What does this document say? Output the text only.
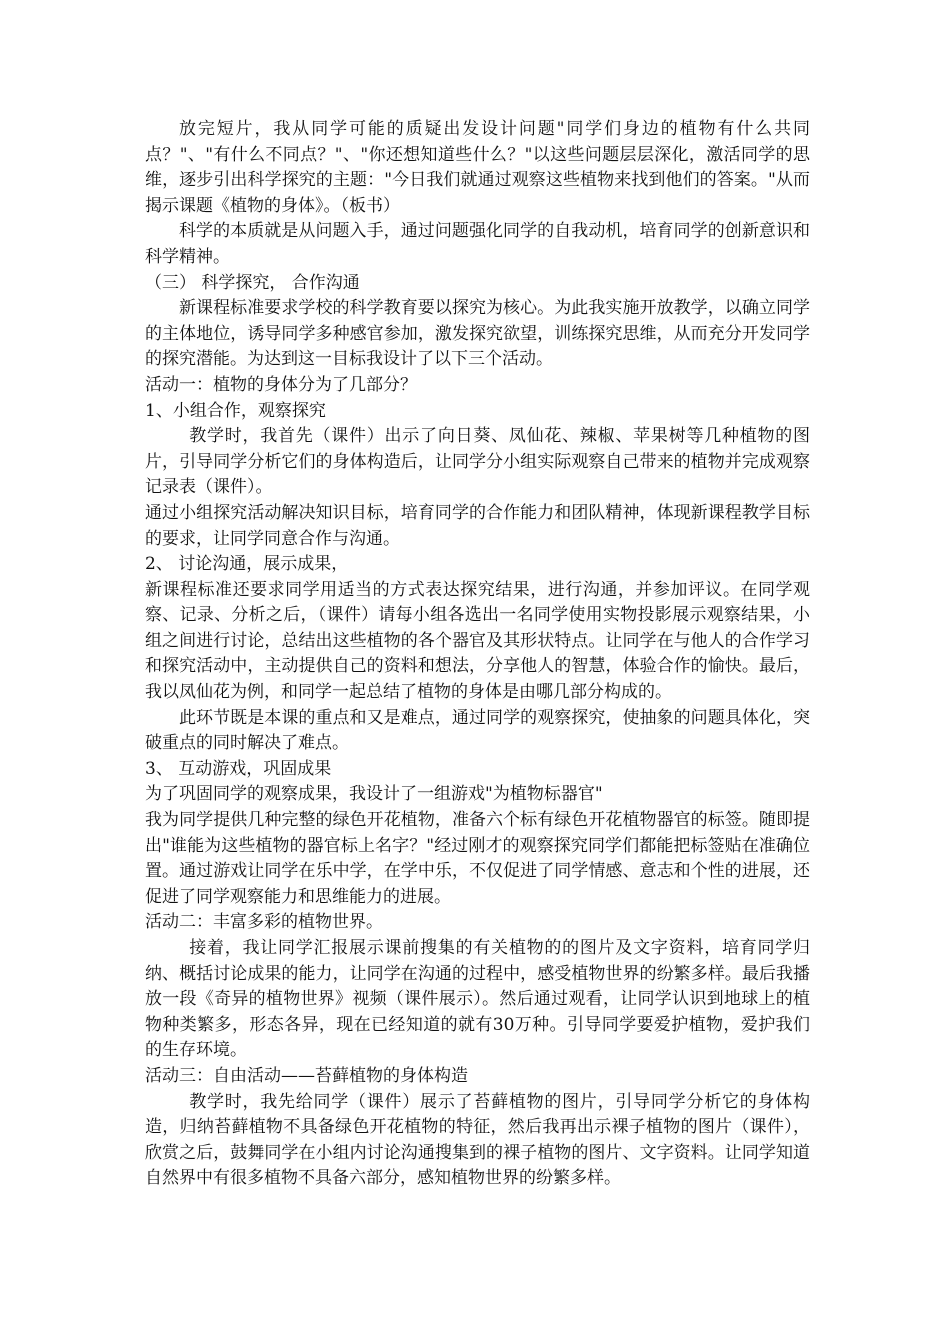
放完短片，我从同学可能的质疑出发设计问题"同学们身边的植物有什么共同点？"、"有什么不同点？"、"你还想知道些什么？"以这些问题层层深化，激活同学的思维，逐步引出科学探究的主题："今日我们就通过观察这些植物来找到他们的答案。"从而揭示课题《植物的身体》。（板书）

科学的本质就是从问题入手，通过问题强化同学的自我动机，培育同学的创新意识和科学精神。

（三） 科学探究， 合作沟通

新课程标准要求学校的科学教育要以探究为核心。为此我实施开放教学，以确立同学的主体地位，诱导同学多种感官参加，激发探究欲望，训练探究思维，从而充分开发同学的探究潜能。为达到这一目标我设计了以下三个活动。

活动一：植物的身体分为了几部分？

1、小组合作，观察探究

教学时，我首先（课件）出示了向日葵、凤仙花、辣椒、苹果树等几种植物的图片，引导同学分析它们的身体构造后，让同学分小组实际观察自己带来的植物并完成观察记录表（课件）。

通过小组探究活动解决知识目标，培育同学的合作能力和团队精神，体现新课程教学目标的要求，让同学同意合作与沟通。

2、 讨论沟通，展示成果，

新课程标准还要求同学用适当的方式表达探究结果，进行沟通，并参加评议。在同学观察、记录、分析之后，（课件）请每小组各选出一名同学使用实物投影展示观察结果，小组之间进行讨论，总结出这些植物的各个器官及其形状特点。让同学在与他人的合作学习和探究活动中，主动提供自己的资料和想法，分享他人的智慧，体验合作的愉快。最后，我以凤仙花为例，和同学一起总结了植物的身体是由哪几部分构成的。

此环节既是本课的重点和又是难点，通过同学的观察探究，使抽象的问题具体化，突破重点的同时解决了难点。

3、 互动游戏，巩固成果

为了巩固同学的观察成果，我设计了一组游戏"为植物标器官"

我为同学提供几种完整的绿色开花植物，准备六个标有绿色开花植物器官的标签。随即提出"谁能为这些植物的器官标上名字？"经过刚才的观察探究同学们都能把标签贴在准确位置。通过游戏让同学在乐中学，在学中乐，不仅促进了同学情感、意志和个性的进展，还促进了同学观察能力和思维能力的进展。

活动二：丰富多彩的植物世界。

接着，我让同学汇报展示课前搜集的有关植物的的图片及文字资料，培育同学归纳、概括讨论成果的能力，让同学在沟通的过程中，感受植物世界的纷繁多样。最后我播放一段《奇异的植物世界》视频（课件展示）。然后通过观看，让同学认识到地球上的植物种类繁多，形态各异，现在已经知道的就有30万种。引导同学要爱护植物，爱护我们的生存环境。

活动三：自由活动——苔藓植物的身体构造

教学时，我先给同学（课件）展示了苔藓植物的图片，引导同学分析它的身体构造，归纳苔藓植物不具备绿色开花植物的特征，然后我再出示裸子植物的图片（课件），欣赏之后，鼓舞同学在小组内讨论沟通搜集到的裸子植物的图片、文字资料。让同学知道自然界中有很多植物不具备六部分，感知植物世界的纷繁多样。
